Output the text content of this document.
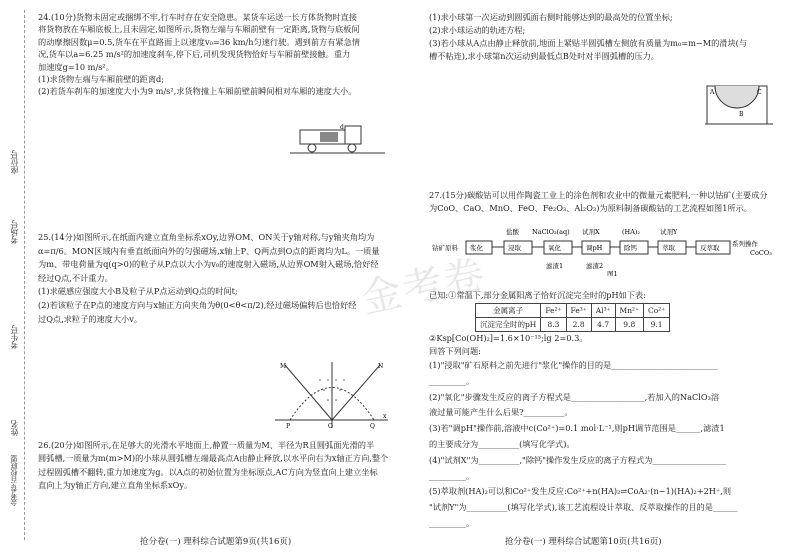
座位号
考场号
考生号
姓名
金考卷·百校联盟
金考卷
24.(10分)货物未固定或捆绑不牢,行车时存在安全隐患。某货车运送一长方体货物时直接
将货物放在车厢底板上,且未固定,如图所示,货物左端与车厢前壁有一定距离,货物与底板间
的动摩擦因数μ=0.5,货车在平直路面上以速度v₀=36 km/h匀速行驶。遇到前方有紧急情
况,货车以a=6.25 m/s²的加速度刹车,停下后,司机发现货物恰好与车厢前壁接触。重力
加速度g=10 m/s²。
(1)求货物左端与车厢前壁的距离d;
(2)若货车刹车的加速度大小为9 m/s²,求货物撞上车厢前壁前瞬间相对车厢的速度大小。
d
25.(14分)如图所示,在纸面内建立直角坐标系xOy,边界OM、ON关于y轴对称,与y轴夹角均为
α=π/6。MON区域内有垂直纸面向外的匀强磁场,x轴上P、Q两点到O点的距离均为L。一质量
为m、带电荷量为q(q>0)的粒子从P点以大小为v₀的速度射入磁场,从边界OM射入磁场,恰好经
经过Q点,不计重力。
(1)求磁感应强度大小B及粒子从P点运动到Q点的时间t;
(2)若该粒子在P点的速度方向与x轴正方向夹角为θ(0<θ<π/2),经过磁场偏转后也恰好经
过Q点,求粒子的速度大小v。
M	N
P	Q
O
x
26.(20分)如图所示,在足够大的光滑水平地面上,静置一质量为M、半径为R且圆弧面光滑的半
圆弧槽,一质量为m(m>M)的小球从圆弧槽左端最高点A由静止释放,以水平向右为x轴正方向,整个
过程圆弧槽不翻转,重力加速度为g。以A点的初始位置为坐标原点,AC方向为竖直向上建立坐标
直向上为y轴正方向,建立直角坐标系xOy。
抢分卷(一) 理科综合试题第9页(共16页)
(1)求小球第一次运动到圆弧面右侧时能够达到的最高处的位置坐标;
(2)求小球运动的轨迹方程;
(3)若小球从A点由静止释放前,地面上紧贴半圆弧槽左侧放有质量为m₀=m−M的滑块(与
槽不粘连),求小球第n次运动到最低点B处时对半圆弧槽的压力。
A	C
B
27.(15分)碳酸钴可以用作陶瓷工业上的涂色剂和农业中的微量元素肥料,一种以钴矿(主要成分
为CoO、CaO、MnO、FeO、Fe₂O₃、Al₂O₃)为原料制备碳酸钴的工艺流程如图1所示。
已知:①常温下,部分金属阳离子恰好沉淀完全时的pH如下表:
②Ksp[Co(OH)₂]=1.6×10⁻¹⁵;lg 2=0.3。
回答下列问题:
(1)"浸取"矿石原料之前先进行"浆化"操作的目的是__________________________
_________。
(2)"氧化"步骤发生反应的离子方程式是__________________,若加入的NaClO₃溶
液过量可能产生什么后果?__________。
(3)若"调pH"操作前,溶液中c(Co²⁺)=0.1 mol·L⁻¹,则pH调节范围是______,滤渣1
的主要成分为__________(填写化学式)。
(4)"试剂X"为__________,"除钙"操作发生反应的离子方程式为__________________
_________。
(5)萃取剂(HA)₂可以和Co²⁺发生反应:Co²⁺+n(HA)₂⇌CoA₂·(n−1)(HA)₂+2H⁺,则
"试剂Y"为__________(填写化学式),该工艺流程设计萃取、反萃取操作的目的是______
_________。
抢分卷(一) 理科综合试题第10页(共16页)
钴矿原料 浆化	浸取	氧化	调pH	除钙	萃取	反萃取
盐酸 NaClO₃(aq) 试剂X	(HA)₂	试剂Y
滤渣1	滤渣2
系列操作
CoCO₃
图1
金属离子	Fe²⁺	Fe³⁺	Al³⁺	Mn²⁺	Co²⁺
沉淀完全时的pH	8.3	2.8	4.7	9.8	9.1
